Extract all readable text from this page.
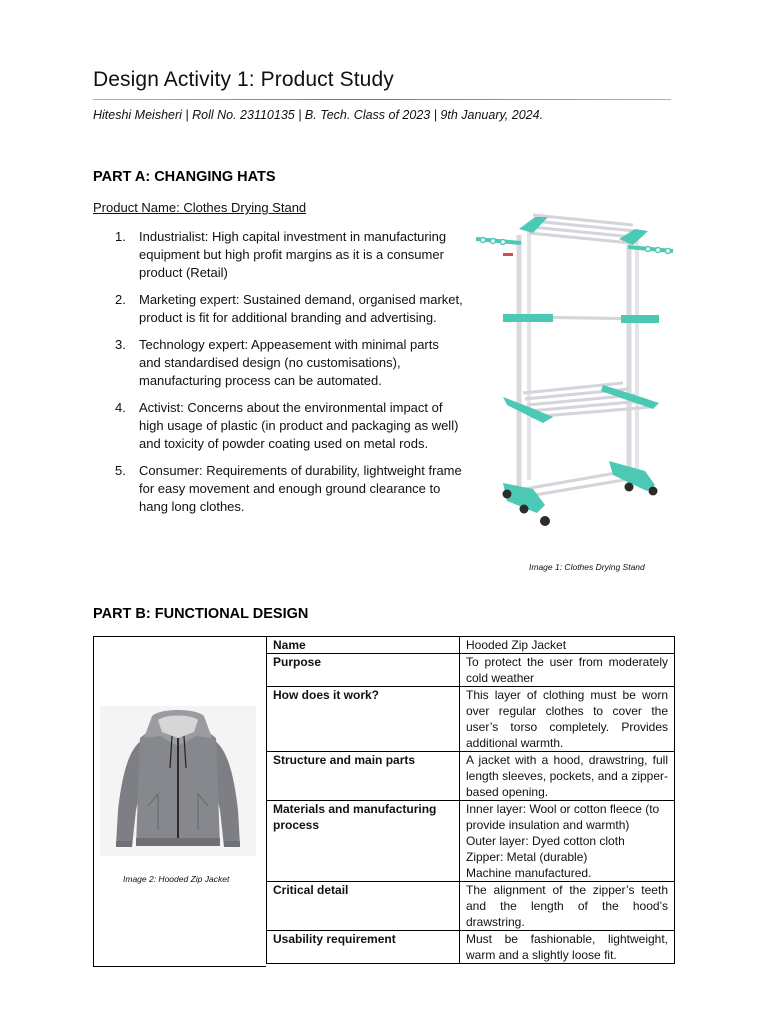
Design Activity 1: Product Study
Hiteshi Meisheri | Roll No. 23110135 | B. Tech. Class of 2023 | 9th January, 2024.
PART A: CHANGING HATS
Product Name: Clothes Drying Stand
1. Industrialist: High capital investment in manufacturing equipment but high profit margins as it is a consumer product (Retail)
2. Marketing expert: Sustained demand, organised market, product is fit for additional branding and advertising.
3. Technology expert: Appeasement with minimal parts and standardised design (no customisations), manufacturing process can be automated.
4. Activist: Concerns about the environmental impact of high usage of plastic (in product and packaging as well) and toxicity of powder coating used on metal rods.
5. Consumer: Requirements of durability, lightweight frame for easy movement and enough ground clearance to hang long clothes.
Image 1: Clothes Drying Stand
PART B: FUNCTIONAL DESIGN
Image 2: Hooded Zip Jacket
Name	Hooded Zip Jacket
Purpose	To protect the user from moderately cold weather
How does it work?	This layer of clothing must be worn over regular clothes to cover the user’s torso completely. Provides additional warmth.
Structure and main parts	A jacket with a hood, drawstring, full length sleeves, pockets, and a zipper-based opening.
Materials and manufacturing process	Inner layer: Wool or cotton fleece (to provide insulation and warmth)
Outer layer: Dyed cotton cloth
Zipper: Metal (durable)
Machine manufactured.
Critical detail	The alignment of the zipper’s teeth and the length of the hood’s drawstring.
Usability requirement	Must be fashionable, lightweight, warm and a slightly loose fit.
